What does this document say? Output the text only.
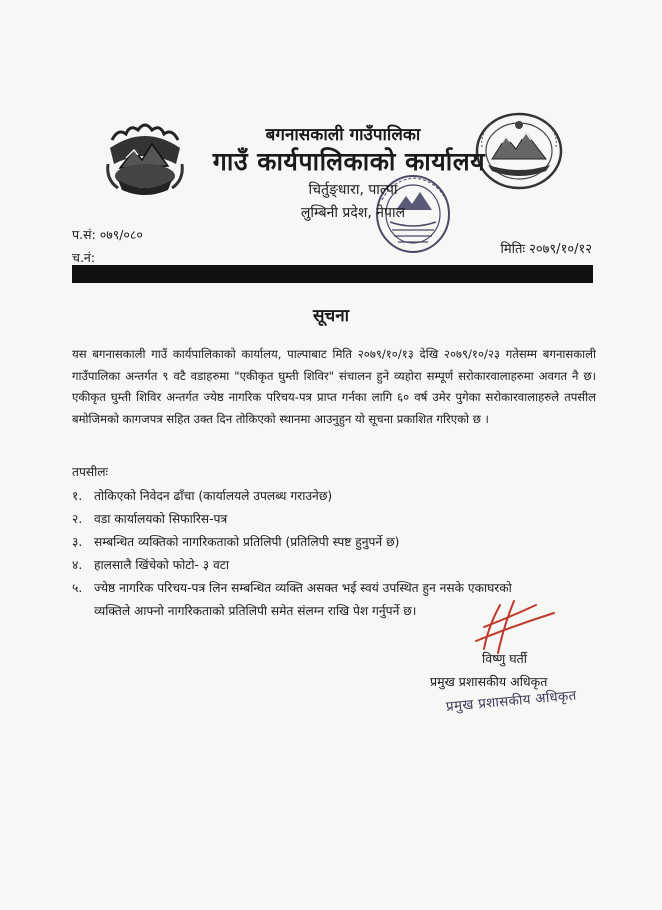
बगनासकाली गाउँपालिका
गाउँ कार्यपालिकाको कार्यालय
चिर्तुङ्धारा, पाल्पा
लुम्बिनी प्रदेश, नेपाल
प.सं: ०७९/०८०
च.नं:
मितिः २०७९/१०/१२
सूचना
यस बगनासकाली गाउँ कार्यपालिकाको कार्यालय, पाल्पाबाट मिति २०७९/१०/१३ देखि २०७९/१०/२३ गतेसम्म बगनासकाली गाउँपालिका अन्तर्गत ९ वटै वडाहरुमा "एकीकृत घुम्ती शिविर" संचालन हुने व्यहोरा सम्पूर्ण सरोकारवालाहरुमा अवगत नै छ। एकीकृत घुम्ती शिविर अन्तर्गत ज्येष्ठ नागरिक परिचय-पत्र प्राप्त गर्नका लागि ६० वर्ष उमेर पुगेका सरोकारवालाहरुले तपसील बमोजिमको कागजपत्र सहित उक्त दिन तोकिएको स्थानमा आउनुहुन यो सूचना प्रकाशित गरिएको छ ।
तपसीलः
१. तोकिएको निवेदन ढाँचा (कार्यालयले उपलब्ध गराउनेछ)
२. वडा कार्यालयको सिफारिस-पत्र
३. सम्बन्धित व्यक्तिको नागरिकताको प्रतिलिपी (प्रतिलिपी स्पष्ट हुनुपर्ने छ)
४. हालसालै खिंचेको फोटो- ३ वटा
५. ज्येष्ठ नागरिक परिचय-पत्र लिन सम्बन्धित व्यक्ति असक्त भई स्वयं उपस्थित हुन नसके एकाघरको
व्यक्तिले आफ्नो नागरिकताको प्रतिलिपी समेत संलग्न राखि पेश गर्नुपर्ने छ।
विष्णु घर्ती
प्रमुख प्रशासकीय अधिकृत
प्रमुख प्रशासकीय अधिकृत
